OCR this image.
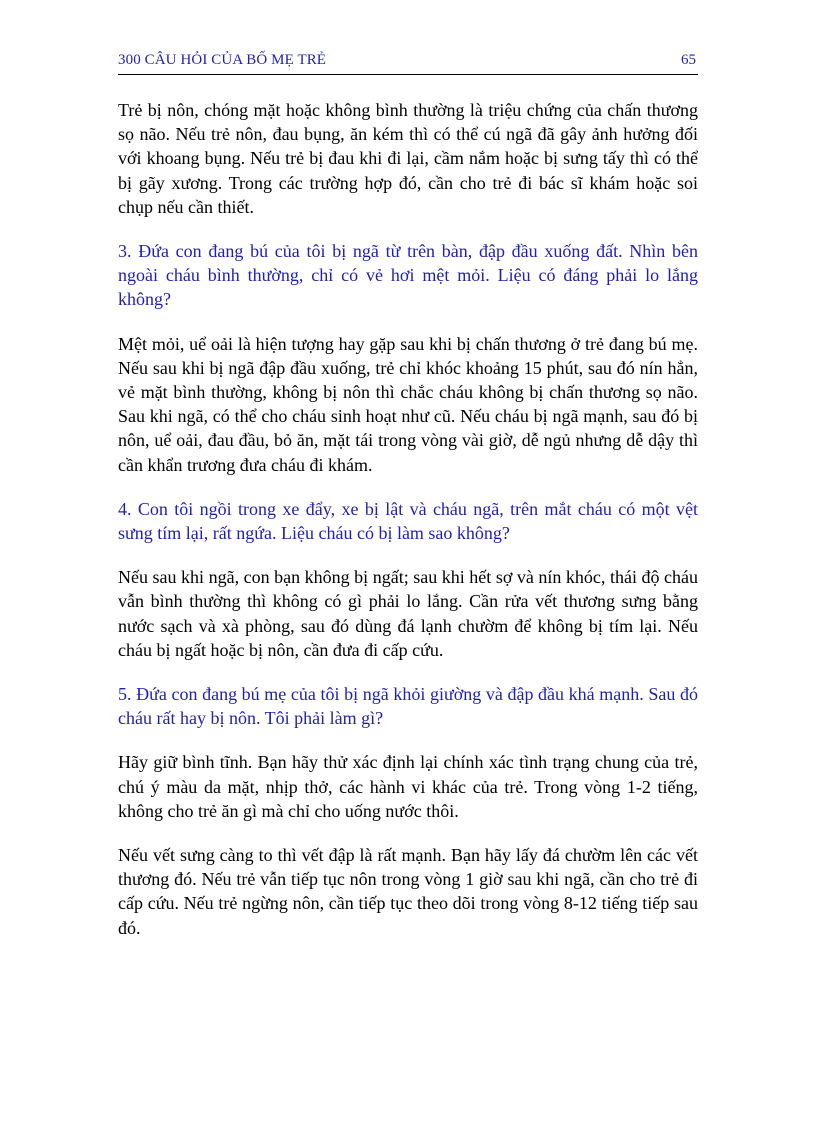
300 CÂU HỎI CỦA BỐ MẸ TRẺ	65

Trẻ bị nôn, chóng mặt hoặc không bình thường là triệu chứng của chấn thương sọ não. Nếu trẻ nôn, đau bụng, ăn kém thì có thể cú ngã đã gây ảnh hưởng đối với khoang bụng. Nếu trẻ bị đau khi đi lại, cầm nắm hoặc bị sưng tấy thì có thể bị gãy xương. Trong các trường hợp đó, cần cho trẻ đi bác sĩ khám hoặc soi chụp nếu cần thiết.

3. Đứa con đang bú của tôi bị ngã từ trên bàn, đập đầu xuống đất. Nhìn bên ngoài cháu bình thường, chỉ có vẻ hơi mệt mỏi. Liệu có đáng phải lo lắng không?

Mệt mỏi, uể oải là hiện tượng hay gặp sau khi bị chấn thương ở trẻ đang bú mẹ. Nếu sau khi bị ngã đập đầu xuống, trẻ chỉ khóc khoảng 15 phút, sau đó nín hẳn, vẻ mặt bình thường, không bị nôn thì chắc cháu không bị chấn thương sọ não. Sau khi ngã, có thể cho cháu sinh hoạt như cũ. Nếu cháu bị ngã mạnh, sau đó bị nôn, uể oải, đau đầu, bỏ ăn, mặt tái trong vòng vài giờ, dễ ngủ nhưng dễ dậy thì cần khẩn trương đưa cháu đi khám.

4. Con tôi ngồi trong xe đẩy, xe bị lật và cháu ngã, trên mắt cháu có một vệt sưng tím lại, rất ngứa. Liệu cháu có bị làm sao không?

Nếu sau khi ngã, con bạn không bị ngất; sau khi hết sợ và nín khóc, thái độ cháu vẫn bình thường thì không có gì phải lo lắng. Cần rửa vết thương sưng bằng nước sạch và xà phòng, sau đó dùng đá lạnh chườm để không bị tím lại. Nếu cháu bị ngất hoặc bị nôn, cần đưa đi cấp cứu.

5. Đứa con đang bú mẹ của tôi bị ngã khỏi giường và đập đầu khá mạnh. Sau đó cháu rất hay bị nôn. Tôi phải làm gì?

Hãy giữ bình tĩnh. Bạn hãy thử xác định lại chính xác tình trạng chung của trẻ, chú ý màu da mặt, nhịp thở, các hành vi khác của trẻ. Trong vòng 1-2 tiếng, không cho trẻ ăn gì mà chỉ cho uống nước thôi.

Nếu vết sưng càng to thì vết đập là rất mạnh. Bạn hãy lấy đá chườm lên các vết thương đó. Nếu trẻ vẫn tiếp tục nôn trong vòng 1 giờ sau khi ngã, cần cho trẻ đi cấp cứu. Nếu trẻ ngừng nôn, cần tiếp tục theo dõi trong vòng 8-12 tiếng tiếp sau đó.
